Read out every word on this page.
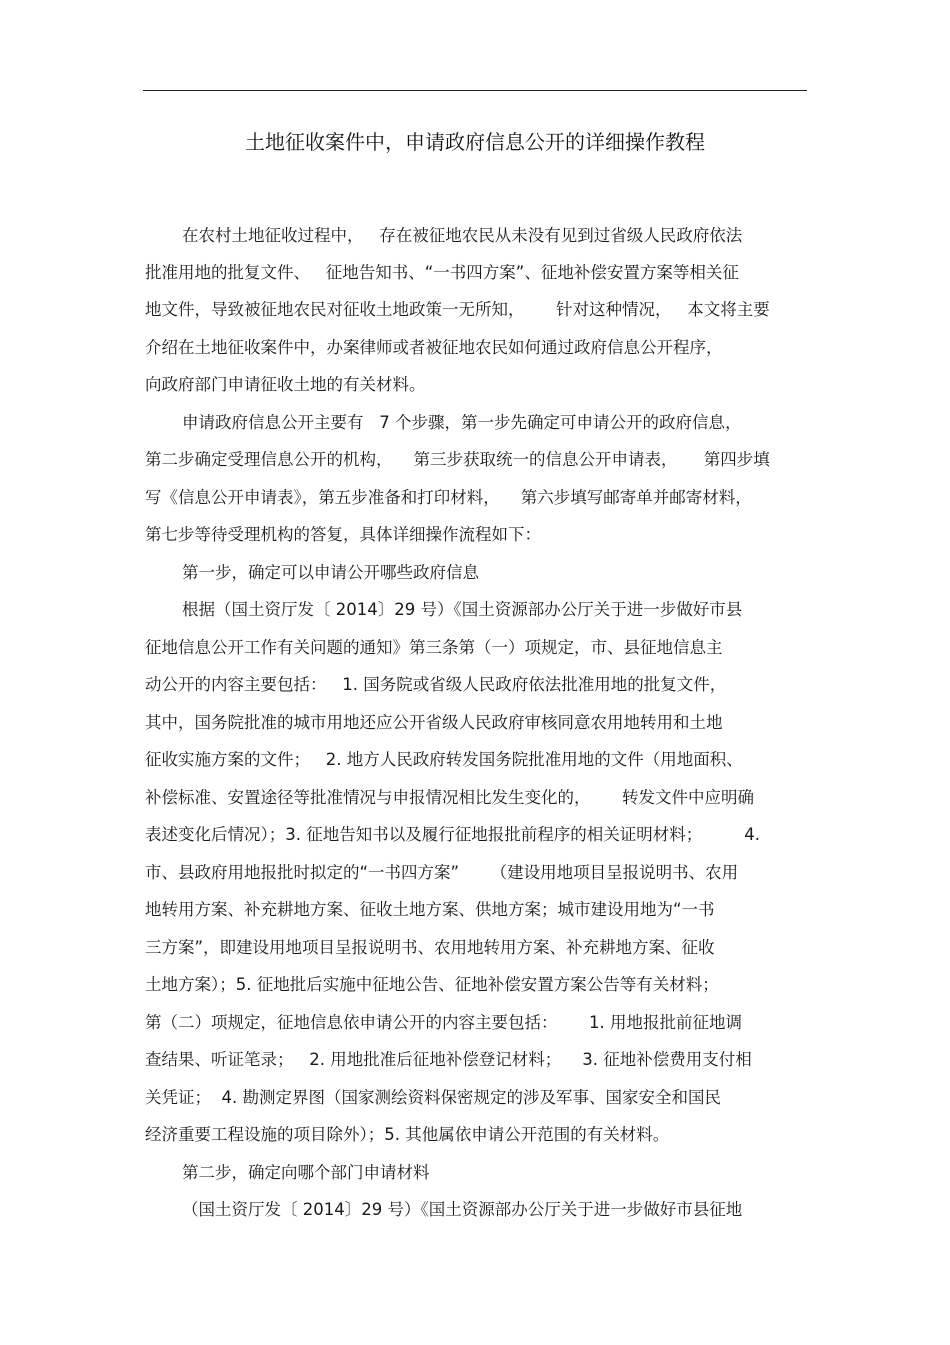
土地征收案件中，申请政府信息公开的详细操作教程
在农村土地征收过程中，   存在被征地农民从未没有见到过省级人民政府依法
批准用地的批复文件、   征地告知书、“一书四方案”、征地补偿安置方案等相关征
地文件，导致被征地农民对征收土地政策一无所知，      针对这种情况，   本文将主要
介绍在土地征收案件中，办案律师或者被征地农民如何通过政府信息公开程序，
向政府部门申请征收土地的有关材料。
申请政府信息公开主要有   7 个步骤，第一步先确定可申请公开的政府信息，
第二步确定受理信息公开的机构，    第三步获取统一的信息公开申请表，     第四步填
写《信息公开申请表》，第五步准备和打印材料，    第六步填写邮寄单并邮寄材料，
第七步等待受理机构的答复，具体详细操作流程如下：
第一步，确定可以申请公开哪些政府信息
根据（国土资厅发〔 2014〕29 号）《国土资源部办公厅关于进一步做好市县
征地信息公开工作有关问题的通知》第三条第（一）项规定，市、县征地信息主
动公开的内容主要包括：   1. 国务院或省级人民政府依法批准用地的批复文件，
其中，国务院批准的城市用地还应公开省级人民政府审核同意农用地转用和土地
征收实施方案的文件；   2. 地方人民政府转发国务院批准用地的文件（用地面积、
补偿标准、安置途径等批准情况与申报情况相比发生变化的，      转发文件中应明确
表述变化后情况）；3. 征地告知书以及履行征地报批前程序的相关证明材料；        4.
市、县政府用地报批时拟定的“一书四方案”      （建设用地项目呈报说明书、农用
地转用方案、补充耕地方案、征收土地方案、供地方案；城市建设用地为“一书
三方案”，即建设用地项目呈报说明书、农用地转用方案、补充耕地方案、征收
土地方案）；5. 征地批后实施中征地公告、征地补偿安置方案公告等有关材料；
第（二）项规定，征地信息依申请公开的内容主要包括：      1. 用地报批前征地调
查结果、听证笔录；   2. 用地批准后征地补偿登记材料；    3. 征地补偿费用支付相
关凭证；  4. 勘测定界图（国家测绘资料保密规定的涉及军事、国家安全和国民
经济重要工程设施的项目除外）；5. 其他属依申请公开范围的有关材料。
第二步，确定向哪个部门申请材料
（国土资厅发〔 2014〕29 号）《国土资源部办公厅关于进一步做好市县征地
